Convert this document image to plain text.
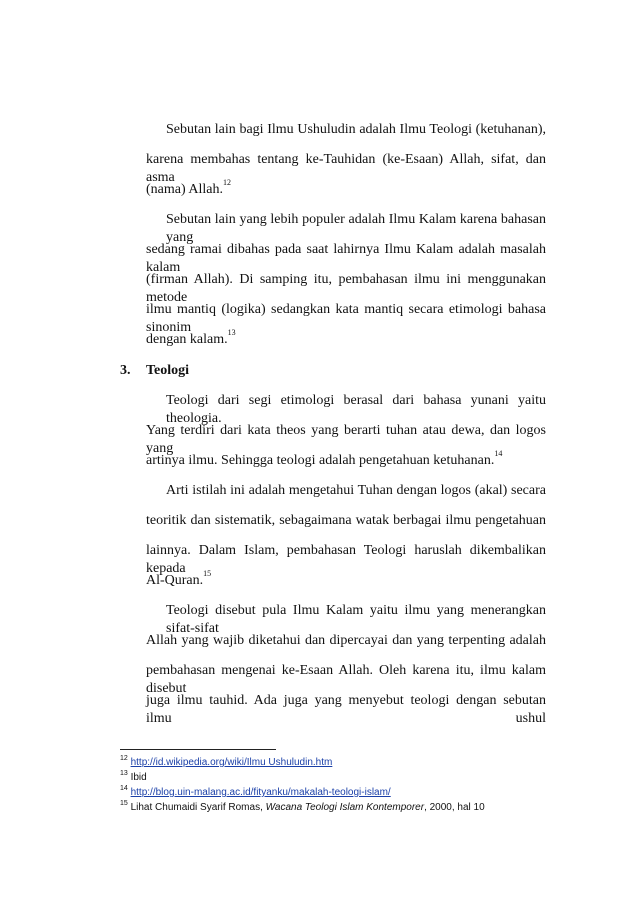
Sebutan lain bagi Ilmu Ushuludin adalah Ilmu Teologi (ketuhanan),
karena membahas tentang ke-Tauhidan (ke-Esaan) Allah, sifat, dan asma
(nama) Allah.$^{12}$
Sebutan lain yang lebih populer adalah Ilmu Kalam karena bahasan yang
sedang ramai dibahas pada saat lahirnya Ilmu Kalam adalah masalah kalam
(firman Allah). Di samping itu, pembahasan ilmu ini menggunakan metode
ilmu mantiq (logika) sedangkan kata mantiq secara etimologi bahasa sinonim
dengan kalam.$^{13}$
3. Teologi
Teologi dari segi etimologi berasal dari bahasa yunani yaitu theologia.
Yang terdiri dari kata theos yang berarti tuhan atau dewa, dan logos yang
artinya ilmu. Sehingga teologi adalah pengetahuan ketuhanan.$^{14}$
Arti istilah ini adalah mengetahui Tuhan dengan logos (akal) secara
teoritik dan sistematik, sebagaimana watak berbagai ilmu pengetahuan
lainnya. Dalam Islam, pembahasan Teologi haruslah dikembalikan kepada
Al-Quran.$^{15}$
Teologi disebut pula Ilmu Kalam yaitu ilmu yang menerangkan sifat-sifat
Allah yang wajib diketahui dan dipercayai dan yang terpenting adalah
pembahasan mengenai ke-Esaan Allah. Oleh karena itu, ilmu kalam disebut
juga ilmu tauhid. Ada juga yang menyebut teologi dengan sebutan ilmu ushul
$^{12}$ http://id.wikipedia.org/wiki/Ilmu Ushuludin.htm
$^{13}$ Ibid
$^{14}$ http://blog.uin-malang.ac.id/fityanku/makalah-teologi-islam/
$^{15}$ Lihat Chumaidi Syarif Romas, Wacana Teologi Islam Kontemporer, 2000, hal 10
